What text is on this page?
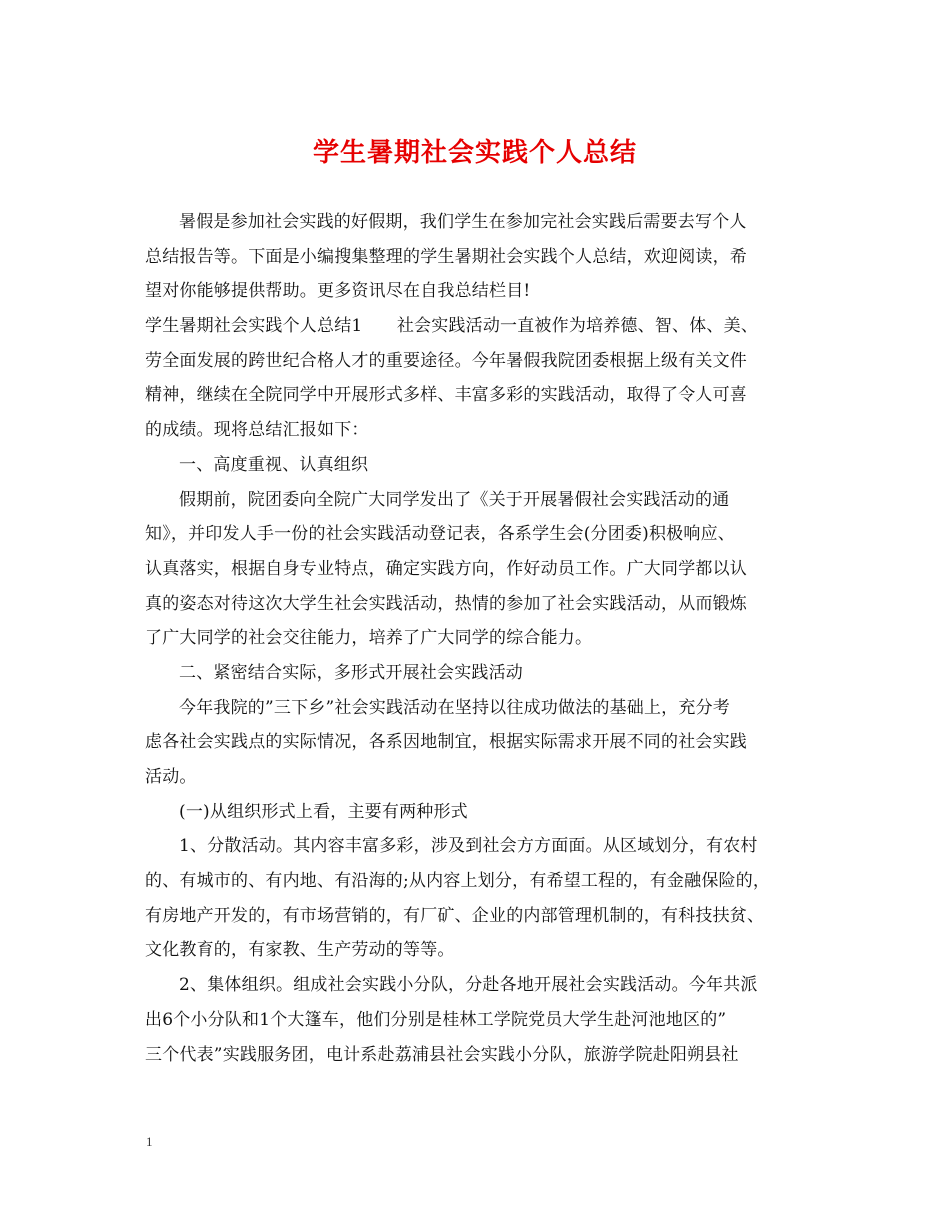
学生暑期社会实践个人总结
暑假是参加社会实践的好假期，我们学生在参加完社会实践后需要去写个人
总结报告等。下面是小编搜集整理的学生暑期社会实践个人总结，欢迎阅读，希
望对你能够提供帮助。更多资讯尽在自我总结栏目!
学生暑期社会实践个人总结1　　社会实践活动一直被作为培养德、智、体、美、
劳全面发展的跨世纪合格人才的重要途径。今年暑假我院团委根据上级有关文件
精神，继续在全院同学中开展形式多样、丰富多彩的实践活动，取得了令人可喜
的成绩。现将总结汇报如下：
一、高度重视、认真组织
假期前，院团委向全院广大同学发出了《关于开展暑假社会实践活动的通
知》，并印发人手一份的社会实践活动登记表，各系学生会(分团委)积极响应、
认真落实，根据自身专业特点，确定实践方向，作好动员工作。广大同学都以认
真的姿态对待这次大学生社会实践活动，热情的参加了社会实践活动，从而锻炼
了广大同学的社会交往能力，培养了广大同学的综合能力。
二、紧密结合实际，多形式开展社会实践活动
今年我院的”三下乡”社会实践活动在坚持以往成功做法的基础上，充分考
虑各社会实践点的实际情况，各系因地制宜，根据实际需求开展不同的社会实践
活动。
(一)从组织形式上看，主要有两种形式
1、分散活动。其内容丰富多彩，涉及到社会方方面面。从区域划分，有农村
的、有城市的、有内地、有沿海的;从内容上划分，有希望工程的，有金融保险的，
有房地产开发的，有市场营销的，有厂矿、企业的内部管理机制的，有科技扶贫、
文化教育的，有家教、生产劳动的等等。
2、集体组织。组成社会实践小分队，分赴各地开展社会实践活动。今年共派
出6个小分队和1个大篷车，他们分别是桂林工学院党员大学生赴河池地区的”
三个代表”实践服务团，电计系赴荔浦县社会实践小分队，旅游学院赴阳朔县社
1
